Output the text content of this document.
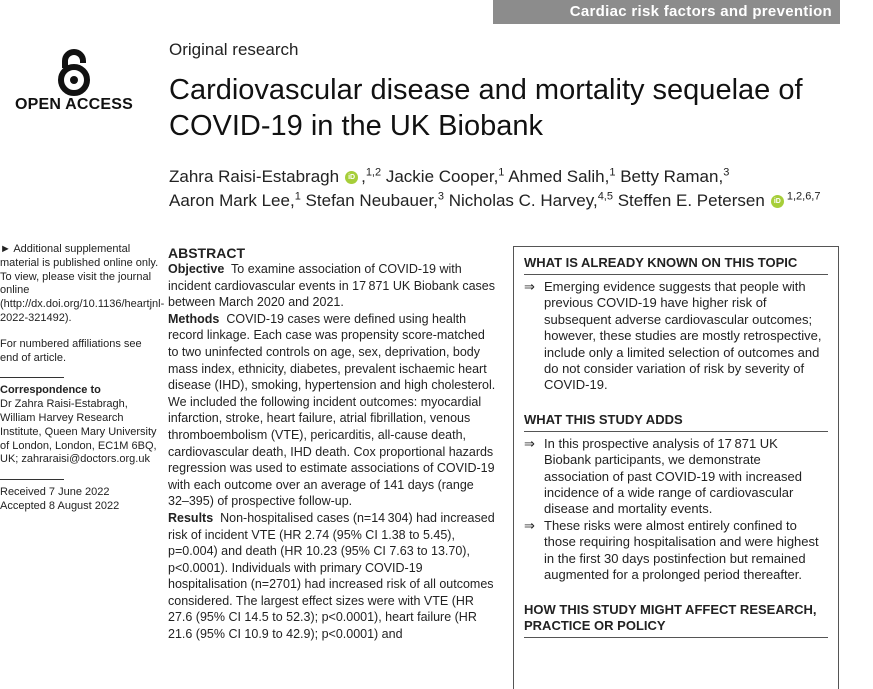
Cardiac risk factors and prevention
OPEN ACCESS
Original research
Cardiovascular disease and mortality sequelae of COVID-19 in the UK Biobank
Zahra Raisi-Estabragh iD ,$^{1,2}$ Jackie Cooper,$^1$ Ahmed Salih,$^1$ Betty Raman,$^3$
Aaron Mark Lee,$^1$ Stefan Neubauer,$^3$ Nicholas C. Harvey,$^{4,5}$ Steffen E. Petersen iD $^{1,2,6,7}$

► Additional supplemental material is published online only. To view, please visit the journal online (http://dx.doi.org/10.1136/heartjnl-2022-321492).

For numbered affiliations see end of article.

Correspondence to

Dr Zahra Raisi-Estabragh, William Harvey Research Institute, Queen Mary University of London, London, EC1M 6BQ, UK; zahraraisi@doctors.org.uk

Received 7 June 2022

Accepted 8 August 2022

ABSTRACT

Objective To examine association of COVID-19 with incident cardiovascular events in 17 871 UK Biobank cases between March 2020 and 2021.

Methods COVID-19 cases were defined using health record linkage. Each case was propensity score-matched to two uninfected controls on age, sex, deprivation, body mass index, ethnicity, diabetes, prevalent ischaemic heart disease (IHD), smoking, hypertension and high cholesterol. We included the following incident outcomes: myocardial infarction, stroke, heart failure, atrial fibrillation, venous thromboembolism (VTE), pericarditis, all-cause death, cardiovascular death, IHD death. Cox proportional hazards regression was used to estimate associations of COVID-19 with each outcome over an average of 141 days (range 32–395) of prospective follow-up.

Results Non-hospitalised cases (n=14 304) had increased risk of incident VTE (HR 2.74 (95% CI 1.38 to 5.45), p=0.004) and death (HR 10.23 (95% CI 7.63 to 13.70), p<0.0001). Individuals with primary COVID-19 hospitalisation (n=2701) had increased risk of all outcomes considered. The largest effect sizes were with VTE (HR 27.6 (95% CI 14.5 to 52.3); p<0.0001), heart failure (HR 21.6 (95% CI 10.9 to 42.9); p<0.0001) and

WHAT IS ALREADY KNOWN ON THIS TOPIC
⇒ Emerging evidence suggests that people with previous COVID-19 have higher risk of subsequent adverse cardiovascular outcomes; however, these studies are mostly retrospective, include only a limited selection of outcomes and do not consider variation of risk by severity of COVID-19.
WHAT THIS STUDY ADDS
⇒ In this prospective analysis of 17 871 UK Biobank participants, we demonstrate association of past COVID-19 with increased incidence of a wide range of cardiovascular disease and mortality events.
⇒ These risks were almost entirely confined to those requiring hospitalisation and were highest in the first 30 days postinfection but remained augmented for a prolonged period thereafter.
HOW THIS STUDY MIGHT AFFECT RESEARCH, PRACTICE OR POLICY
